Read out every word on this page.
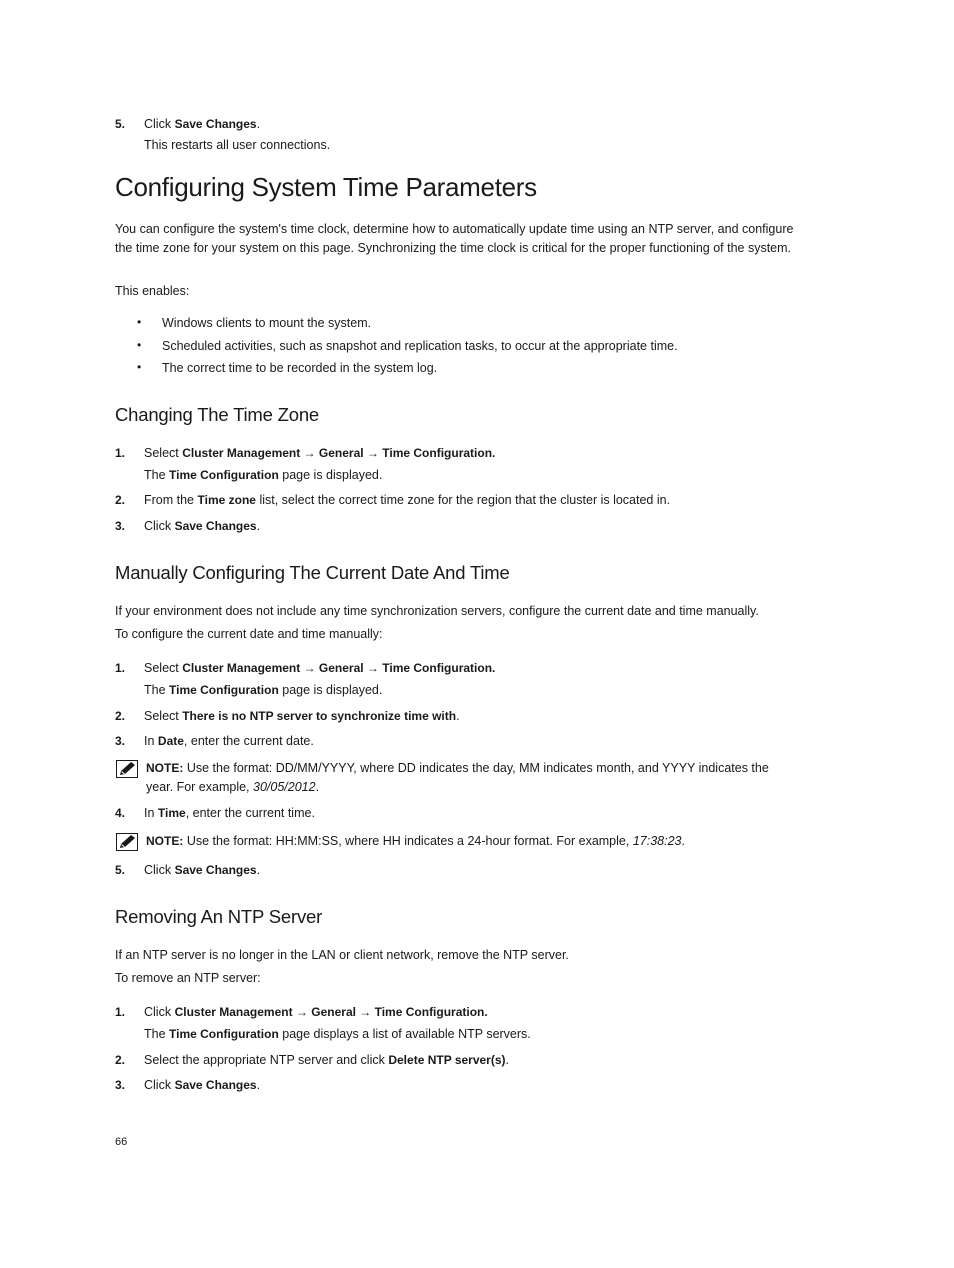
5. Click Save Changes.
This restarts all user connections.
Configuring System Time Parameters

You can configure the system's time clock, determine how to automatically update time using an NTP server, and configure the time zone for your system on this page. Synchronizing the time clock is critical for the proper functioning of the system.

This enables:
• Windows clients to mount the system.
• Scheduled activities, such as snapshot and replication tasks, to occur at the appropriate time.
• The correct time to be recorded in the system log.
Changing The Time Zone
1. Select Cluster Management → General → Time Configuration.
The Time Configuration page is displayed.
2. From the Time zone list, select the correct time zone for the region that the cluster is located in.
3. Click Save Changes.
Manually Configuring The Current Date And Time
If your environment does not include any time synchronization servers, configure the current date and time manually.
To configure the current date and time manually:
1. Select Cluster Management → General → Time Configuration.
The Time Configuration page is displayed.
2. Select There is no NTP server to synchronize time with.
3. In Date, enter the current date.
NOTE: Use the format: DD/MM/YYYY, where DD indicates the day, MM indicates month, and YYYY indicates the
year. For example, 30/05/2012.
4. In Time, enter the current time.
NOTE: Use the format: HH:MM:SS, where HH indicates a 24-hour format. For example, 17:38:23.
5. Click Save Changes.
Removing An NTP Server
If an NTP server is no longer in the LAN or client network, remove the NTP server.
To remove an NTP server:
1. Click Cluster Management → General → Time Configuration.
The Time Configuration page displays a list of available NTP servers.
2. Select the appropriate NTP server and click Delete NTP server(s).
3. Click Save Changes.
66
